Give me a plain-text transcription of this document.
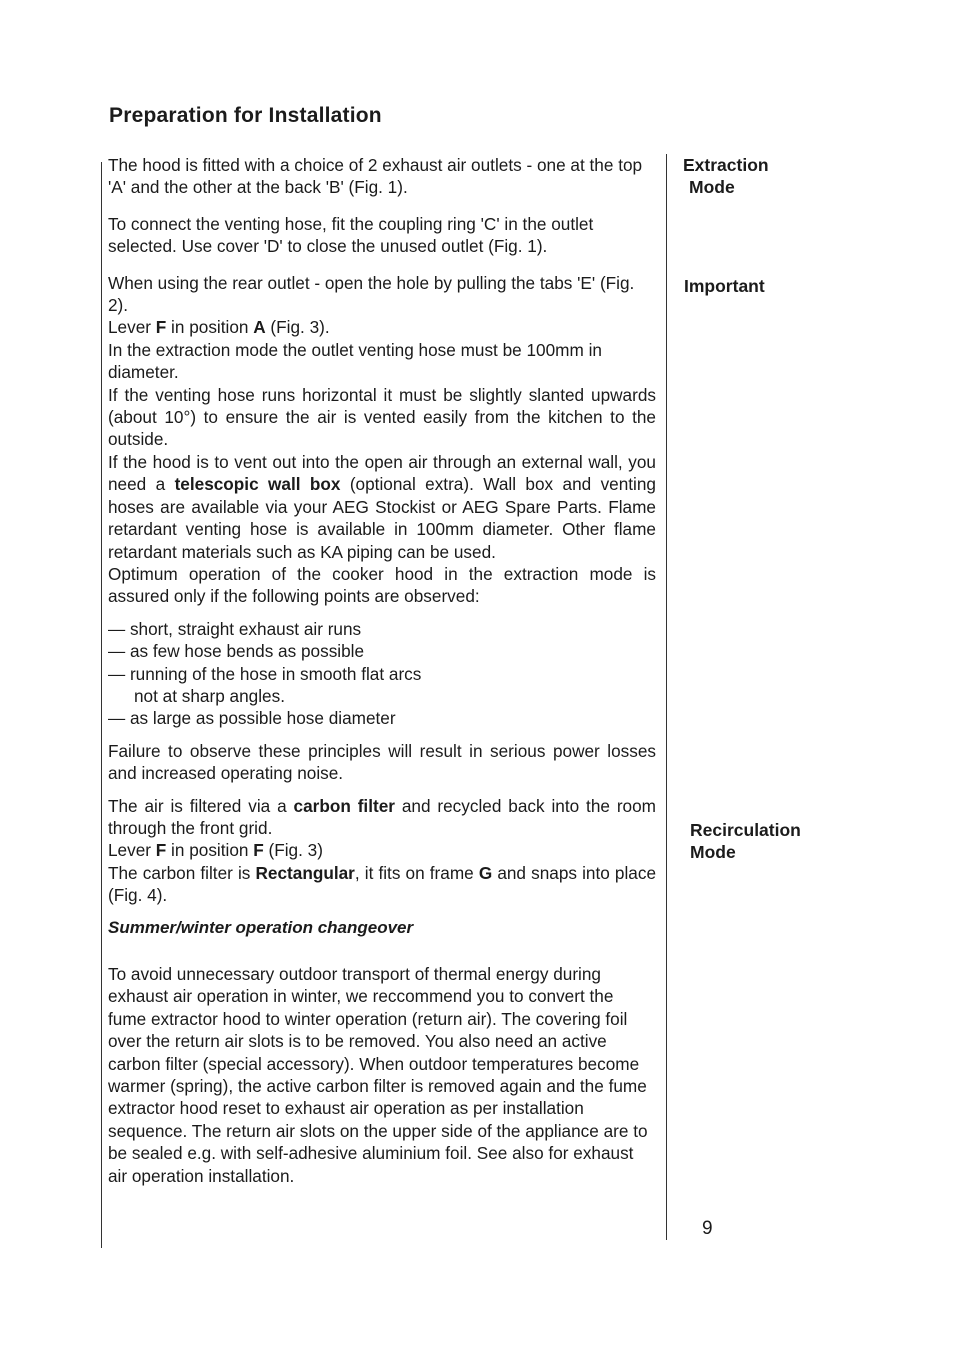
Preparation for Installation

The hood is fitted with a choice of 2 exhaust air outlets - one at the top 'A' and the other at the back 'B' (Fig. 1).

To connect the venting hose, fit the coupling ring 'C' in the outlet selected. Use cover 'D' to close the unused outlet (Fig. 1).

When using the rear outlet - open the hole by pulling the tabs 'E' (Fig. 2).

Lever F in position A (Fig. 3).

In the extraction mode the outlet venting hose must be 100mm in diameter.

If the venting hose runs horizontal it must be slightly slanted upwards (about 10°) to ensure the air is vented easily from the kitchen to the outside.

If the hood is to vent out into the open air through an external wall, you need a telescopic wall box (optional extra). Wall box and venting hoses are available via your AEG Stockist or AEG Spare Parts. Flame retardant venting hose is available in 100mm diameter. Other flame retardant materials such as KA piping can be used.

Optimum operation of the cooker hood in the extraction mode is assured only if the following points are observed:

— short, straight exhaust air runs

— as few hose bends as possible

— running of the hose in smooth flat arcs

not at sharp angles.

— as large as possible hose diameter

Failure to observe these principles will result in serious power losses and increased operating noise.

The air is filtered via a carbon filter and recycled back into the room through the front grid.

Lever F in position F (Fig. 3)

The carbon filter is Rectangular, it fits on frame G and snaps into place (Fig. 4).

Summer/winter operation changeover

To avoid unnecessary outdoor transport of thermal energy during exhaust air operation in winter, we reccommend you to convert the fume extractor hood to winter operation (return air). The covering foil over the return air slots is to be removed. You also need an active carbon filter (special accessory). When outdoor temperatures become warmer (spring), the active carbon filter is removed again and the fume extractor hood reset to exhaust air operation as per installation sequence. The return air slots on the upper side of the appliance are to be sealed e.g. with self-adhesive aluminium foil. See also for exhaust air operation installation.

Extraction
Mode
Important
Recirculation
Mode
9
